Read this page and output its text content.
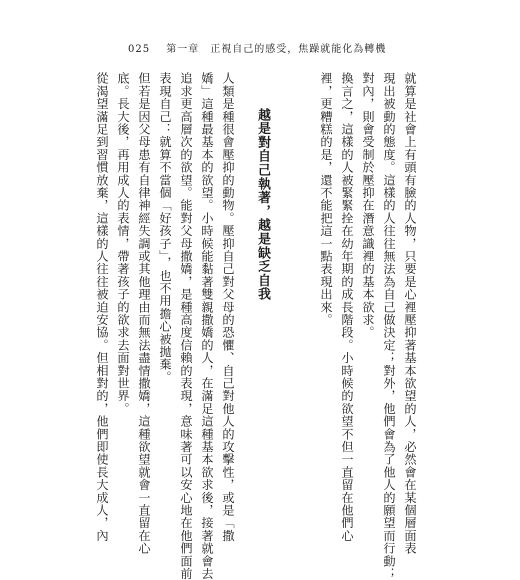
025 第一章　正視自己的感受，焦躁就能化為轉機
就算是社會上有頭有臉的人物，只要是心裡壓抑著基本欲望的人，必然會在某個層面表
現出被動的態度。這樣的人往往無法為自己做決定；對外，他們會為了他人的願望而行動；
對內，則會受制於壓抑在潛意識裡的基本欲求。
換言之，這樣的人被緊緊拴在幼年期的成長階段。小時候的欲望不但一直留在他們心
裡，更糟糕的是，還不能把這一點表現出來。
越是對自己執著，越是缺乏自我
人類是種很會壓抑的動物。壓抑自己對父母的恐懼、自己對他人的攻擊性，或是「撒
嬌」這種最基本的欲望。小時候能黏著雙親撒嬌的人，在滿足這種基本欲求後，接著就會去
追求更高層次的欲望。能對父母撒嬌，是種高度信賴的表現，意味著可以安心地在他們面前
表現自己：就算不當個「好孩子」，也不用擔心被拋棄。
但若是因父母患有自律神經失調或其他理由而無法盡情撒嬌，這種欲望就會一直留在心
底。長大後，再用成人的表情，帶著孩子的欲求去面對世界。
從渴望滿足到習慣放棄，這樣的人往往被迫安協。但相對的，他們即使長大成人，內
